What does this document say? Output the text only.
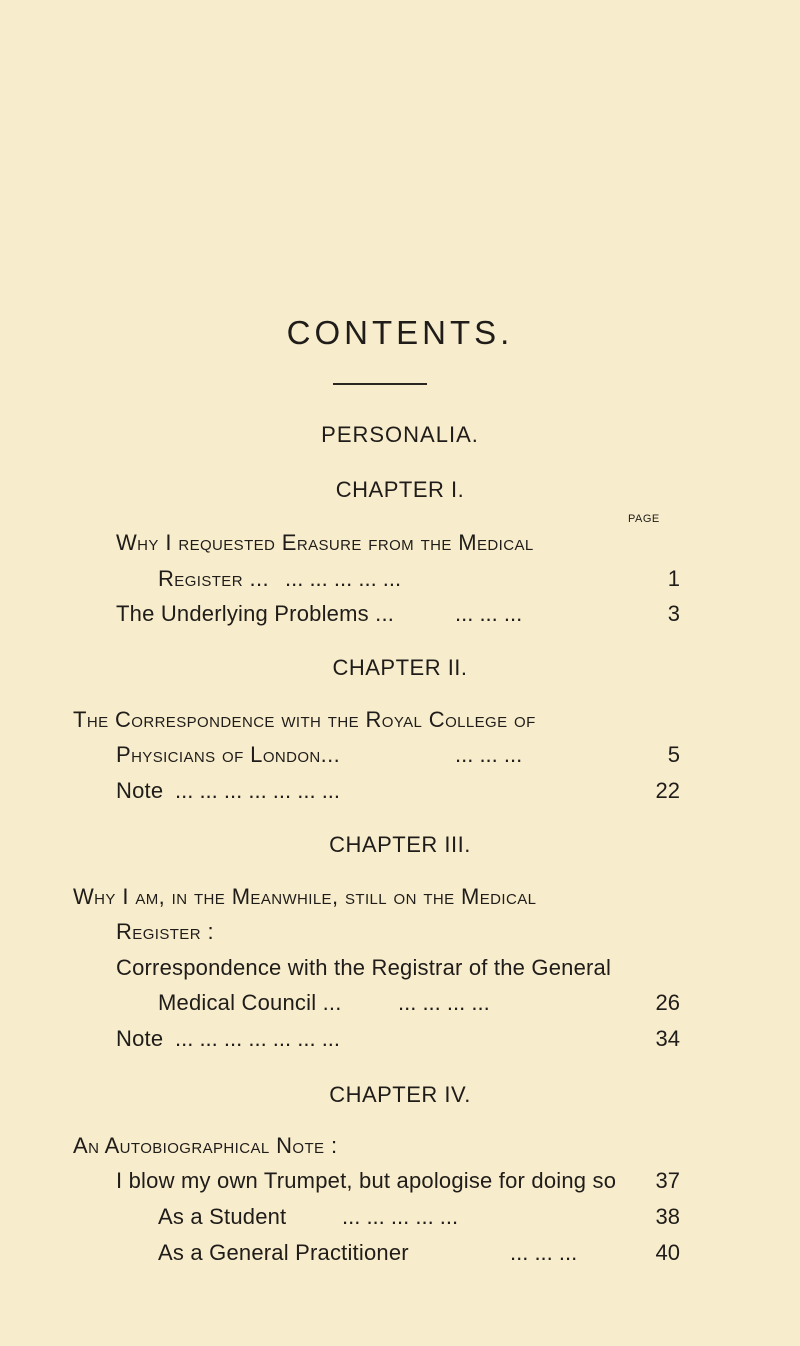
CONTENTS.
PERSONALIA.
CHAPTER I.
PAGE
Why I requested Erasure from the Medical
Register ... ... ... ... ... ...	1
The Underlying Problems ...	... ... ...	3
CHAPTER II.
The Correspondence with the Royal College of
Physicians of London...	... ... ...	5
Note ... ... ... ... ... ... ...	22
CHAPTER III.
Why I am, in the Meanwhile, still on the Medical
Register :
Correspondence with the Registrar of the General
Medical Council ...	... ... ... ...	26
Note ... ... ... ... ... ... ...	34
CHAPTER IV.
An Autobiographical Note :
I blow my own Trumpet, but apologise for doing so	37
As a Student	... ... ... ... ...	38
As a General Practitioner	... ... ...	40
